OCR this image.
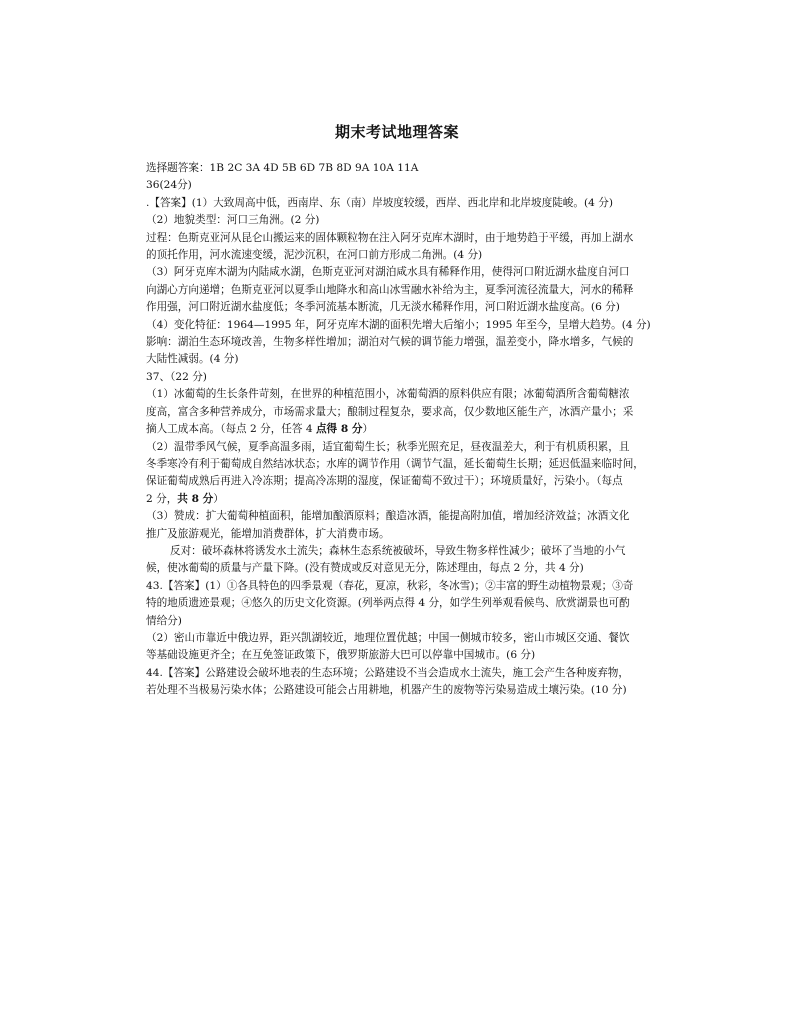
期末考试地理答案

选择题答案：1B 2C 3A 4D 5B 6D 7B 8D 9A 10A 11A

36(24分)

.【答案】(1）大致周高中低，西南岸、东（南）岸坡度较缓，西岸、西北岸和北岸坡度陡峻。(4 分)

（2）地貌类型：河口三角洲。(2 分)

过程：色斯克亚河从昆仑山搬运来的固体颗粒物在注入阿牙克库木湖时，由于地势趋于平缓，再加上湖水

的顶托作用，河水流速变缓，泥沙沉积，在河口前方形成二角洲。(4 分)

（3）阿牙克库木湖为内陆咸水湖，色斯克亚河对湖泊咸水具有稀释作用，使得河口附近湖水盐度自河口

向湖心方向递增；色斯克亚河以夏季山地降水和高山冰雪融水补给为主，夏季河流径流量大，河水的稀释

作用强，河口附近湖水盐度低；冬季河流基本断流，几无淡水稀释作用，河口附近湖水盐度高。(6 分)

（4）变化特征：1964—1995 年，阿牙克库木湖的面积先增大后缩小；1995 年至今，呈增大趋势。(4 分)

影响：湖泊生态环境改善，生物多样性增加；湖泊对气候的调节能力增强，温差变小，降水增多，气候的

大陆性减弱。(4 分)

37、（22 分)

（1）冰葡萄的生长条件苛刻，在世界的种植范围小，冰葡萄酒的原料供应有限；冰葡萄酒所含葡萄糖浓

度高，富含多种营养成分，市场需求量大；酿制过程复杂，要求高，仅少数地区能生产，冰酒产量小；采

摘人工成本高。（每点 2 分，任答 4 点得 8 分）

（2）温带季风气候，夏季高温多雨，适宜葡萄生长；秋季光照充足，昼夜温差大，利于有机质积累，且

冬季寒冷有利于葡萄成自然结冰状态；水库的调节作用（调节气温，延长葡萄生长期；延迟低温来临时间，

保证葡萄成熟后再进入冷冻期；提高冷冻期的湿度，保证葡萄不致过干）；环境质量好，污染小。（每点

2 分，共 8 分）

（3）赞成：扩大葡萄种植面积，能增加酿酒原料；酿造冰酒，能提高附加值，增加经济效益；冰酒文化

推广及旅游观光，能增加消费群体，扩大消费市场。

反对：破坏森林将诱发水土流失；森林生态系统被破坏，导致生物多样性减少；破坏了当地的小气

候，使冰葡萄的质量与产量下降。(没有赞成或反对意见无分，陈述理由，每点 2 分，共 4 分)

43.【答案】(1）①各具特色的四季景观（春花，夏凉，秋彩，冬冰雪)；②丰富的野生动植物景观；③奇

特的地质遗迹景观；④悠久的历史文化资源。(列举两点得 4 分，如学生列举观看候鸟、欣赏湖景也可酌

情给分)

（2）密山市靠近中俄边界，距兴凯湖较近，地理位置优越；中国一侧城市较多，密山市城区交通、餐饮

等基础设施更齐全；在互免签证政策下，俄罗斯旅游大巴可以停靠中国城市。(6 分)

44.【答案】公路建设会破坏地表的生态环境；公路建设不当会造成水土流失，施工会产生各种废弃物，

若处理不当极易污染水体；公路建设可能会占用耕地，机器产生的废物等污染易造成土壤污染。(10 分)
